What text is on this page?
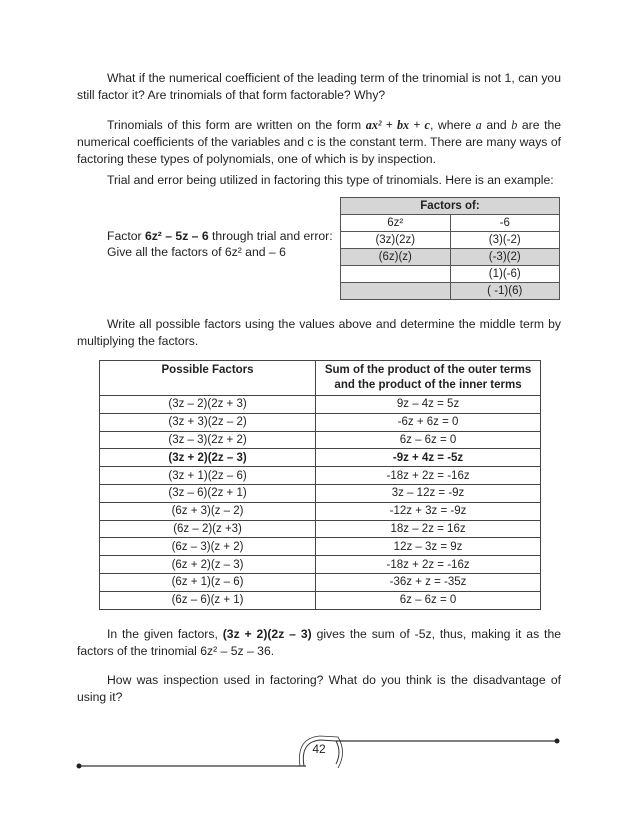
What if the numerical coefficient of the leading term of the trinomial is not 1, can you still factor it? Are trinomials of that form factorable? Why?
Trinomials of this form are written on the form ax² + bx + c, where a and b are the numerical coefficients of the variables and c is the constant term. There are many ways of factoring these types of polynomials, one of which is by inspection.
Trial and error being utilized in factoring this type of trinomials. Here is an example:
Factor 6z² – 5z – 6 through trial and error:
Give all the factors of 6z² and – 6
Factors of:	
6z²	-6
(3z)(2z)	(3)(-2)
(6z)(z)	(-3)(2)
	(1)(-6)
	( -1)(6)
Write all possible factors using the values above and determine the middle term by multiplying the factors.
Possible Factors	Sum of the product of the outer terms and the product of the inner terms
(3z – 2)(2z + 3)	9z – 4z = 5z
(3z + 3)(2z – 2)	-6z + 6z = 0
(3z – 3)(2z + 2)	6z – 6z = 0
(3z + 2)(2z – 3)	-9z + 4z = -5z
(3z + 1)(2z – 6)	-18z + 2z = -16z
(3z – 6)(2z + 1)	3z – 12z = -9z
(6z + 3)(z – 2)	-12z + 3z = -9z
(6z – 2)(z +3)	18z – 2z = 16z
(6z – 3)(z + 2)	12z – 3z = 9z
(6z + 2)(z – 3)	-18z + 2z = -16z
(6z + 1)(z – 6)	-36z + z = -35z
(6z – 6)(z + 1)	6z – 6z = 0
In the given factors, (3z + 2)(2z – 3) gives the sum of -5z, thus, making it as the factors of the trinomial 6z² – 5z – 36.
How was inspection used in factoring? What do you think is the disadvantage of using it?
42
